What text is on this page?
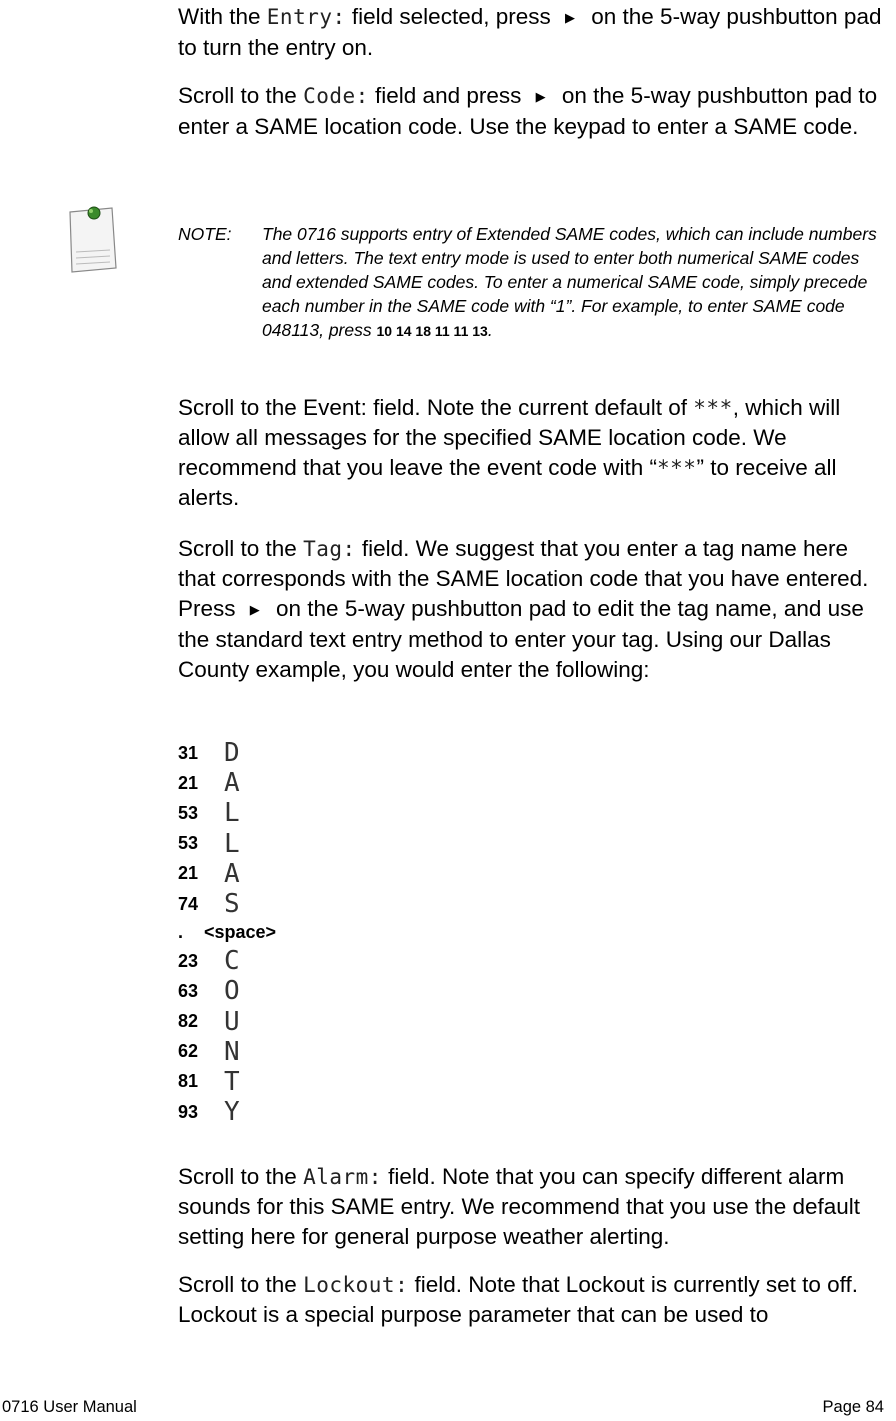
With the Entry: field selected, press ▶ on the 5-way pushbutton pad to turn the entry on.

Scroll to the Code: field and press ▶ on the 5-way pushbutton pad to enter a SAME location code. Use the keypad to enter a SAME code.

NOTE: The 0716 supports entry of Extended SAME codes, which can include numbers and letters. The text entry mode is used to enter both numerical SAME codes and extended SAME codes. To enter a numerical SAME code, simply precede each number in the SAME code with “1”. For example, to enter SAME code 048113, press 10 14 18 11 11 13.

Scroll to the Event: field. Note the current default of ***, which will allow all messages for the specified SAME location code. We recommend that you leave the event code with “***” to receive all alerts.

Scroll to the Tag: field. We suggest that you enter a tag name here that corresponds with the SAME location code that you have entered. Press ▶ on the 5-way pushbutton pad to edit the tag name, and use the standard text entry method to enter your tag. Using our Dallas County example, you would enter the following:

31 D
21 A
53 L
53 L
21 A
74 S
.	<space>
23 C
63 O
82 U
62 N
81 T
93 Y

Scroll to the Alarm: field. Note that you can specify different alarm sounds for this SAME entry. We recommend that you use the default setting here for general purpose weather alerting.

Scroll to the Lockout: field. Note that Lockout is currently set to off. Lockout is a special purpose parameter that can be used to

0716 User Manual	Page 84
